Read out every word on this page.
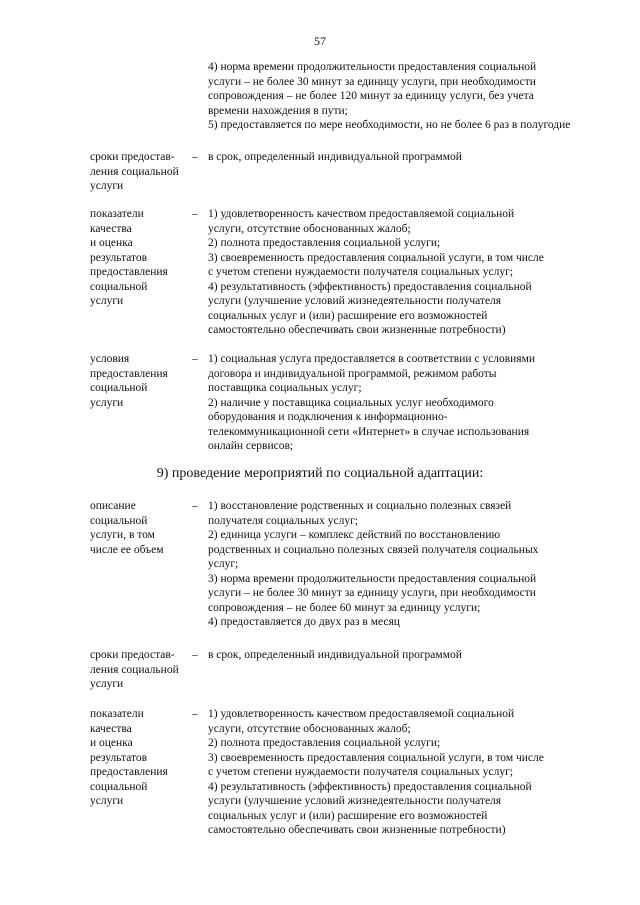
57
4) норма времени продолжительности предоставления социальной
услуги – не более 30 минут за единицу услуги, при необходимости
сопровождения – не более 120 минут за единицу услуги, без учета
времени нахождения в пути;
5) предоставляется по мере необходимости, но не более 6 раз в полугодие
сроки предостав-
ления социальной
услуги
– в срок, определенный индивидуальной программой
показатели
качества
и оценка
результатов
предоставления
социальной
услуги
– 1) удовлетворенность качеством предоставляемой социальной
услуги, отсутствие обоснованных жалоб;
2) полнота предоставления социальной услуги;
3) своевременность предоставления социальной услуги, в том числе
с учетом степени нуждаемости получателя социальных услуг;
4) результативность (эффективность) предоставления социальной
услуги (улучшение условий жизнедеятельности получателя
социальных услуг и (или) расширение его возможностей
самостоятельно обеспечивать свои жизненные потребности)
условия
предоставления
социальной
услуги
– 1) социальная услуга предоставляется в соответствии с условиями
договора и индивидуальной программой, режимом работы
поставщика социальных услуг;
2) наличие у поставщика социальных услуг необходимого
оборудования и подключения к информационно-
телекоммуникационной сети «Интернет» в случае использования
онлайн сервисов;
9) проведение мероприятий по социальной адаптации:
описание
социальной
услуги, в том
числе ее объем
– 1) восстановление родственных и социально полезных связей
получателя социальных услуг;
2) единица услуги – комплекс действий по восстановлению
родственных и социально полезных связей получателя социальных
услуг;
3) норма времени продолжительности предоставления социальной
услуги – не более 30 минут за единицу услуги, при необходимости
сопровождения – не более 60 минут за единицу услуги;
4) предоставляется до двух раз в месяц
сроки предостав-
ления социальной
услуги
– в срок, определенный индивидуальной программой
показатели
качества
и оценка
результатов
предоставления
социальной
услуги
– 1) удовлетворенность качеством предоставляемой социальной
услуги, отсутствие обоснованных жалоб;
2) полнота предоставления социальной услуги;
3) своевременность предоставления социальной услуги, в том числе
с учетом степени нуждаемости получателя социальных услуг;
4) результативность (эффективность) предоставления социальной
услуги (улучшение условий жизнедеятельности получателя
социальных услуг и (или) расширение его возможностей
самостоятельно обеспечивать свои жизненные потребности)
